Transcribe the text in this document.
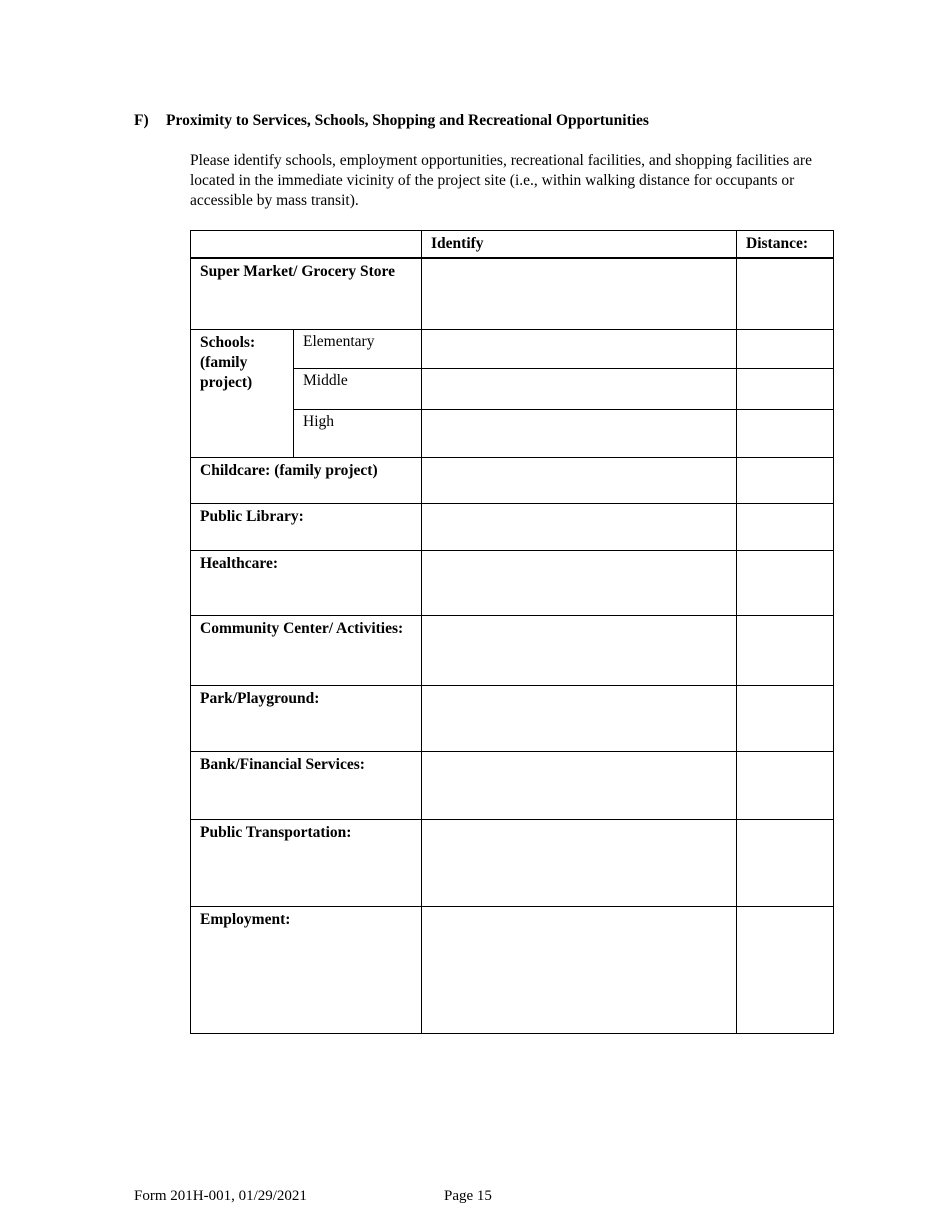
F) Proximity to Services, Schools, Shopping and Recreational Opportunities
Please identify schools, employment opportunities, recreational facilities, and shopping facilities are located in the immediate vicinity of the project site (i.e., within walking distance for occupants or accessible by mass transit).
		Identify	Distance:
Super Market/ Grocery Store			
Schools: (family project)	Elementary		
	Middle		
	High		
Childcare: (family project)			
Public Library:			
Healthcare:			
Community Center/ Activities:			
Park/Playground:			
Bank/Financial Services:			
Public Transportation:			
Employment:			
Form 201H-001, 01/29/2021	Page 15
